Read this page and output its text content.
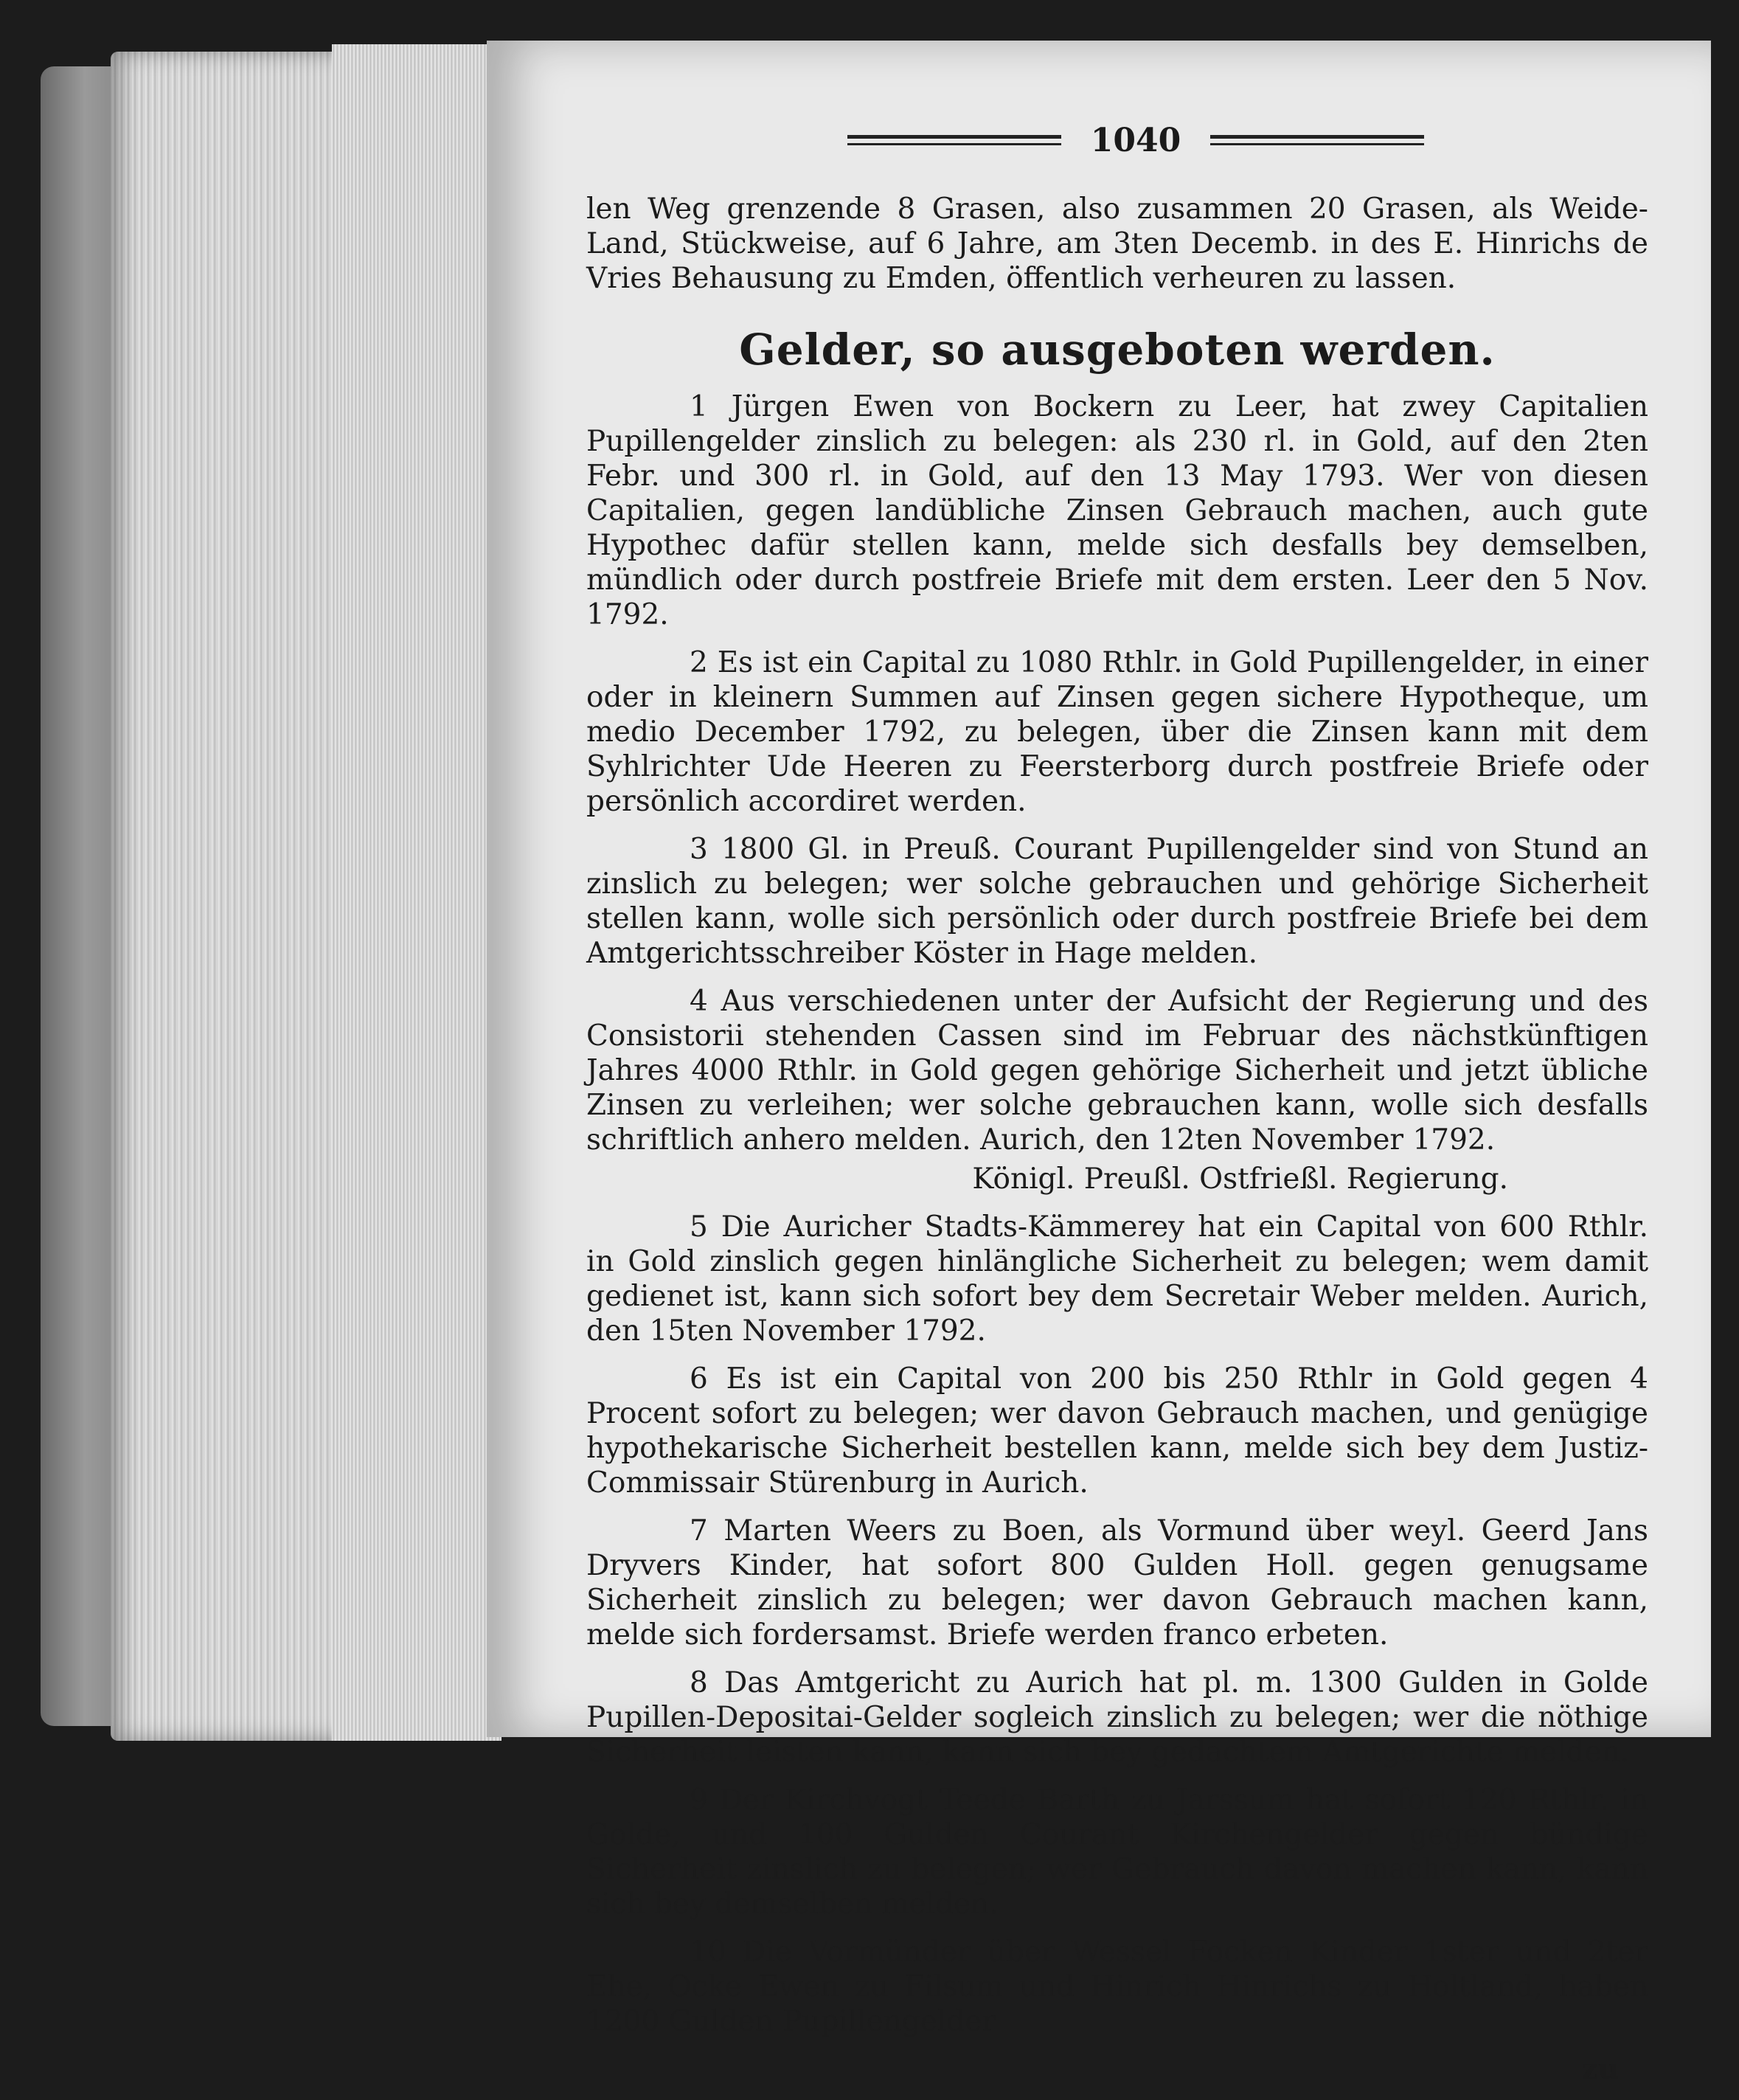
1040

len Weg grenzende 8 Grasen, also zusammen 20 Grasen, als Weide-Land, Stückweise, auf 6 Jahre, am 3ten Decemb. in des E. Hinrichs de Vries Behausung zu Emden, öffentlich verheuren zu lassen.

Gelder, so ausgeboten werden.

1 Jürgen Ewen von Bockern zu Leer, hat zwey Capitalien Pupillengelder zinslich zu belegen: als 230 rl. in Gold, auf den 2ten Febr. und 300 rl. in Gold, auf den 13 May 1793. Wer von diesen Capitalien, gegen landübliche Zinsen Gebrauch machen, auch gute Hypothec dafür stellen kann, melde sich desfalls bey demselben, mündlich oder durch postfreie Briefe mit dem ersten. Leer den 5 Nov. 1792.

2 Es ist ein Capital zu 1080 Rthlr. in Gold Pupillengelder, in einer oder in kleinern Summen auf Zinsen gegen sichere Hypotheque, um medio December 1792, zu belegen, über die Zinsen kann mit dem Syhlrichter Ude Heeren zu Feersterborg durch postfreie Briefe oder persönlich accordiret werden.

3 1800 Gl. in Preuß. Courant Pupillengelder sind von Stund an zinslich zu belegen; wer solche gebrauchen und gehörige Sicherheit stellen kann, wolle sich persönlich oder durch postfreie Briefe bei dem Amtgerichtsschreiber Köster in Hage melden.

4 Aus verschiedenen unter der Aufsicht der Regierung und des Consistorii stehenden Cassen sind im Februar des nächstkünftigen Jahres 4000 Rthlr. in Gold gegen gehörige Sicherheit und jetzt übliche Zinsen zu verleihen; wer solche gebrauchen kann, wolle sich desfalls schriftlich anhero melden. Aurich, den 12ten November 1792.

Königl. Preußl. Ostfrießl. Regierung.

5 Die Auricher Stadts-Kämmerey hat ein Capital von 600 Rthlr. in Gold zinslich gegen hinlängliche Sicherheit zu belegen; wem damit gedienet ist, kann sich sofort bey dem Secretair Weber melden. Aurich, den 15ten November 1792.

6 Es ist ein Capital von 200 bis 250 Rthlr in Gold gegen 4 Procent sofort zu belegen; wer davon Gebrauch machen, und genügige hypothekarische Sicherheit bestellen kann, melde sich bey dem Justiz-Commissair Stürenburg in Aurich.

7 Marten Weers zu Boen, als Vormund über weyl. Geerd Jans Dryvers Kinder, hat sofort 800 Gulden Holl. gegen genugsame Sicherheit zinslich zu belegen; wer davon Gebrauch machen kann, melde sich fordersamst. Briefe werden franco erbeten.

8 Das Amtgericht zu Aurich hat pl. m. 1300 Gulden in Golde Pupillen-Depositai-Gelder sogleich zinslich zu belegen; wer die nöthige Sicherheit leisten kann, kann sich bey gedachtem Amtgerichte melden.

9 Der Kirchvogt Teede Barth zu Jarssum hat sofort 120 Rthlr. in Golde, und 100 Gulden Courant Kirchengelder gegen bündige Sicherheit zinslich zu belegen; wer Gebrauch davon machen kann, kann sich bey demselben melden.

10 Die Vormünder über Wessel Focken Kinder 1ster und 2ter Ehe, Ocke Ewen zu Filsum und Hinrich Hinrichs zu Holtland, haben 1200 Gulden Pupillengelder

zu
